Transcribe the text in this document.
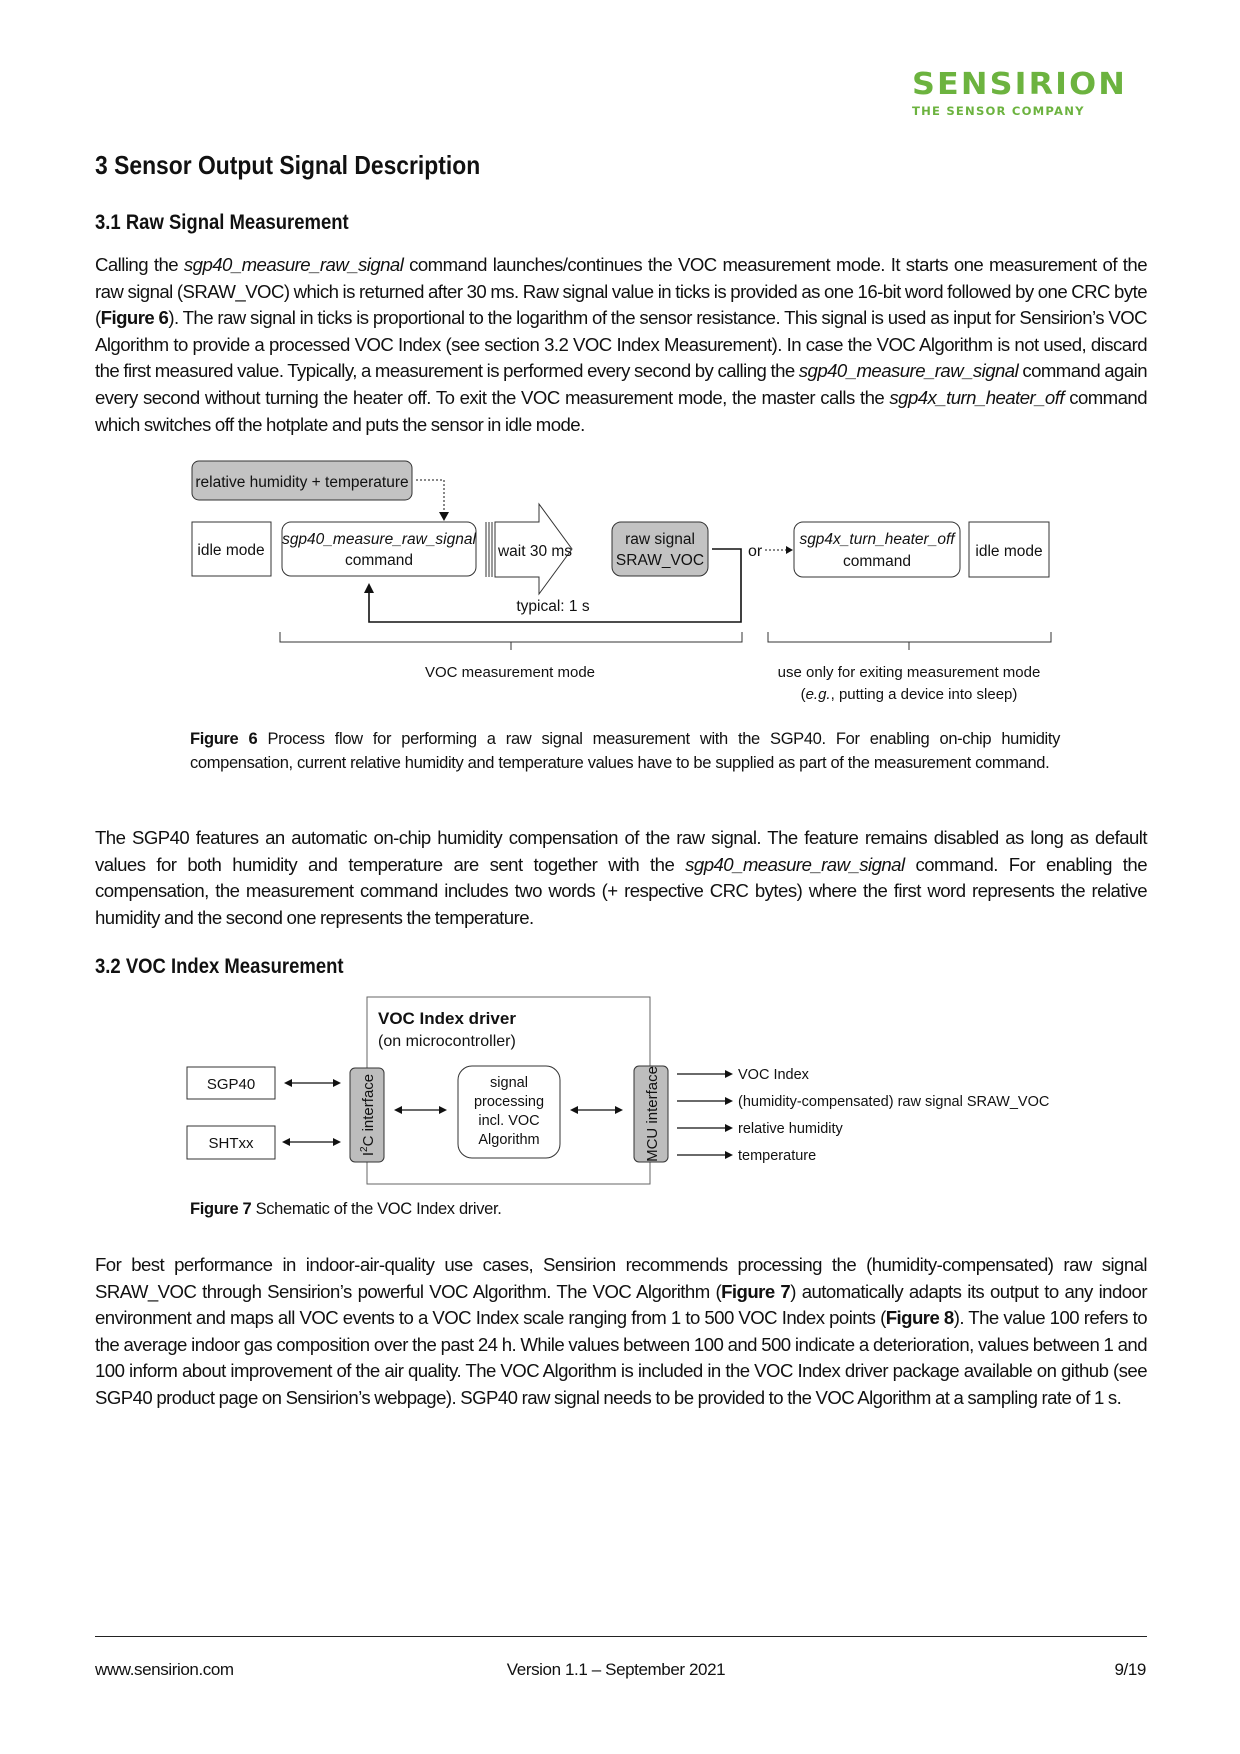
SENSIRION
THE SENSOR COMPANY
3 Sensor Output Signal Description
3.1 Raw Signal Measurement
Calling the sgp40_measure_raw_signal command launches/continues the VOC measurement mode. It starts one measurement of the raw signal (SRAW_VOC) which is returned after 30 ms. Raw signal value in ticks is provided as one 16-bit word followed by one CRC byte (Figure 6). The raw signal in ticks is proportional to the logarithm of the sensor resistance. This signal is used as input for Sensirion’s VOC Algorithm to provide a processed VOC Index (see section 3.2 VOC Index Measurement). In case the VOC Algorithm is not used, discard the first measured value. Typically, a measurement is performed every second by calling the sgp40_measure_raw_signal command again every second without turning the heater off. To exit the VOC measurement mode, the master calls the sgp4x_turn_heater_off command which switches off the hotplate and puts the sensor in idle mode.
relative humidity + temperature
idle mode
sgp40_measure_raw_signal
command
wait 30 ms
raw signal
SRAW_VOC
typical: 1 s
or
sgp4x_turn_heater_off
command
idle mode
VOC measurement mode	use only for exiting measurement mode
(e.g., putting a device into sleep)
Figure 6 Process flow for performing a raw signal measurement with the SGP40. For enabling on-chip humidity compensation, current relative humidity and temperature values have to be supplied as part of the measurement command.
The SGP40 features an automatic on-chip humidity compensation of the raw signal. The feature remains disabled as long as default values for both humidity and temperature are sent together with the sgp40_measure_raw_signal command. For enabling the compensation, the measurement command includes two words (+ respective CRC bytes) where the first word represents the relative humidity and the second one represents the temperature.
3.2 VOC Index Measurement
VOC Index driver
(on microcontroller)
SGP40
SHTxx
$I^2C$ interface	signal
processing
incl. VOC
Algorithm	MCU interface	VOC Index
(humidity-compensated) raw signal SRAW_VOC
relative humidity
temperature
Figure 7 Schematic of the VOC Index driver.
For best performance in indoor-air-quality use cases, Sensirion recommends processing the (humidity-compensated) raw signal SRAW_VOC through Sensirion’s powerful VOC Algorithm. The VOC Algorithm (Figure 7) automatically adapts its output to any indoor environment and maps all VOC events to a VOC Index scale ranging from 1 to 500 VOC Index points (Figure 8). The value 100 refers to the average indoor gas composition over the past 24 h. While values between 100 and 500 indicate a deterioration, values between 1 and 100 inform about improvement of the air quality. The VOC Algorithm is included in the VOC Index driver package available on github (see SGP40 product page on Sensirion’s webpage). SGP40 raw signal needs to be provided to the VOC Algorithm at a sampling rate of 1 s.
www.sensirion.com	Version 1.1 – September 2021	9/19
